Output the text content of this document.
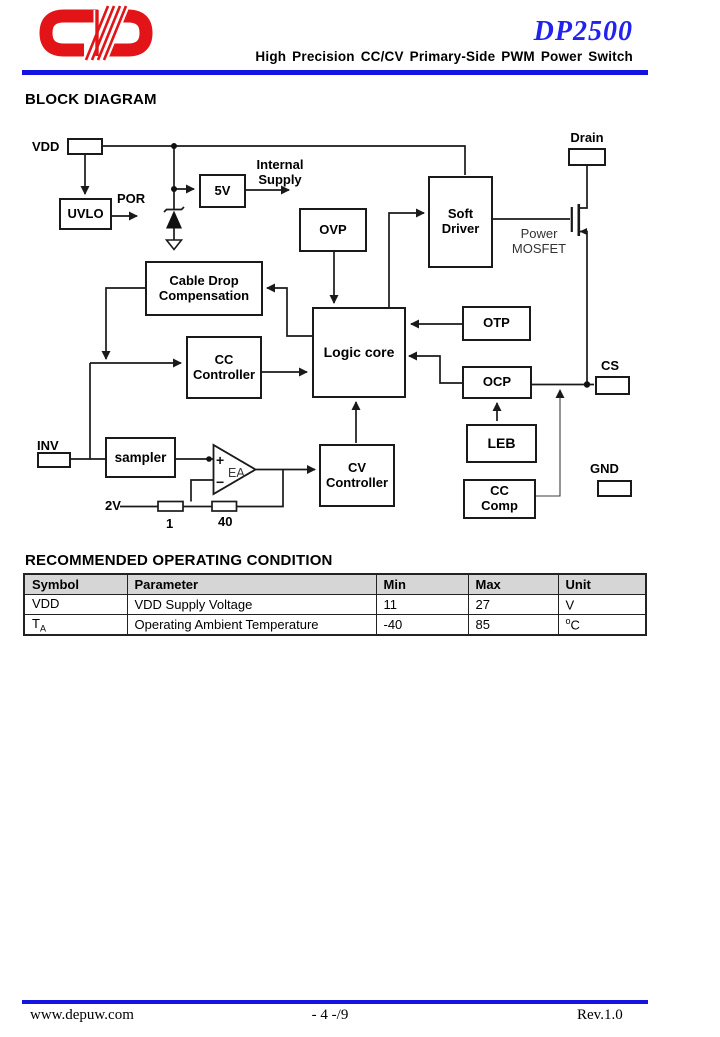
DP2500
High Precision CC/CV Primary-Side PWM Power Switch
BLOCK DIAGRAM
+
−
EA
UVLO
5V
OVP
Soft
Driver
Cable Drop
Compensation
CC
Controller
Logic core
OTP
OCP
LEB
CC
Comp
CV
Controller
sampler
VDD
POR
Internal
Supply
Drain
Power
MOSFET
CS
GND
INV
2V
1	40
RECOMMENDED OPERATING CONDITION
Symbol	Parameter	Min	Max	Unit
VDD	VDD Supply Voltage	11	27	V
$T_A$	Operating Ambient Temperature	-40	85	$^o$C
www.depuw.com	- 4 -/9	Rev.1.0
